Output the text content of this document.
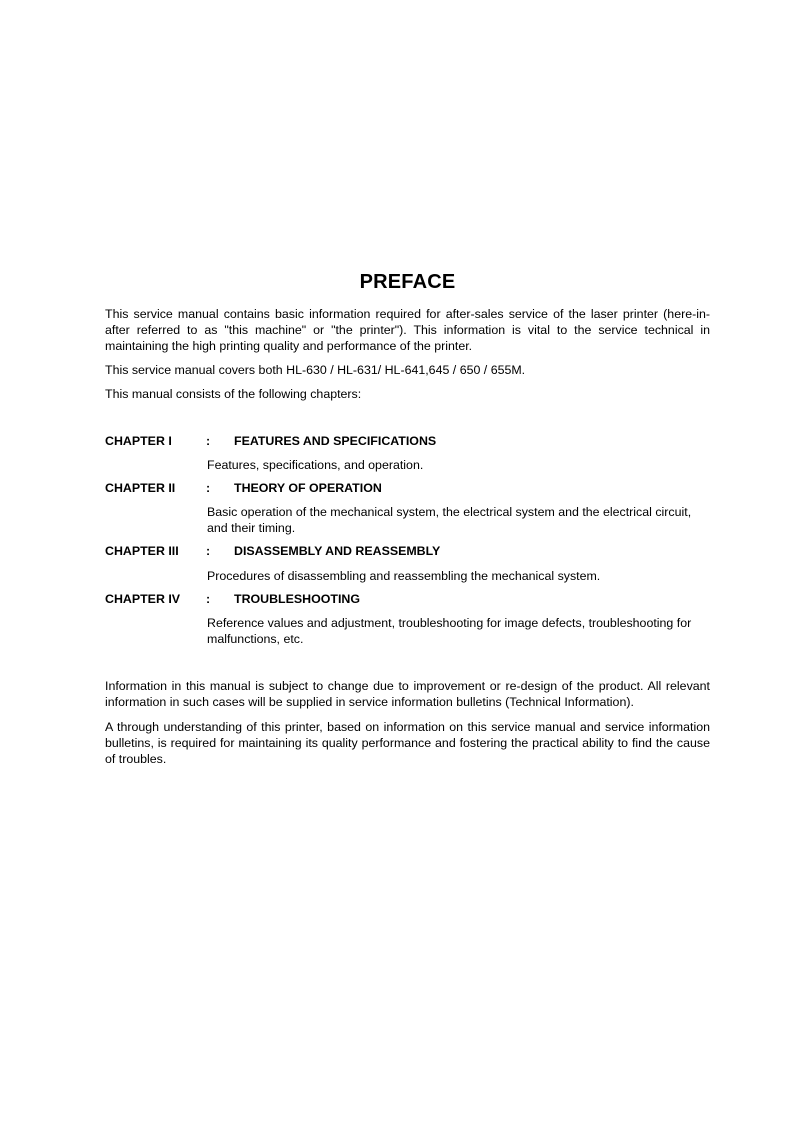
PREFACE

This service manual contains basic information required for after-sales service of the laser printer (here-in-after referred to as "this machine" or "the printer"). This information is vital to the service technical in maintaining the high printing quality and performance of the printer.

This service manual covers both HL-630 / HL-631/ HL-641,645 / 650 / 655M.

This manual consists of the following chapters:

CHAPTER I	: FEATURES AND SPECIFICATIONS

Features, specifications, and operation.

CHAPTER II : THEORY OF OPERATION

Basic operation of the mechanical system, the electrical system and the electrical circuit, and their timing.

CHAPTER III : DISASSEMBLY AND REASSEMBLY

Procedures of disassembling and reassembling the mechanical system.

CHAPTER IV : TROUBLESHOOTING

Reference values and adjustment, troubleshooting for image defects, troubleshooting for malfunctions, etc.

Information in this manual is subject to change due to improvement or re-design of the product. All relevant information in such cases will be supplied in service information bulletins (Technical Information).

A through understanding of this printer, based on information on this service manual and service information bulletins, is required for maintaining its quality performance and fostering the practical ability to find the cause of troubles.
